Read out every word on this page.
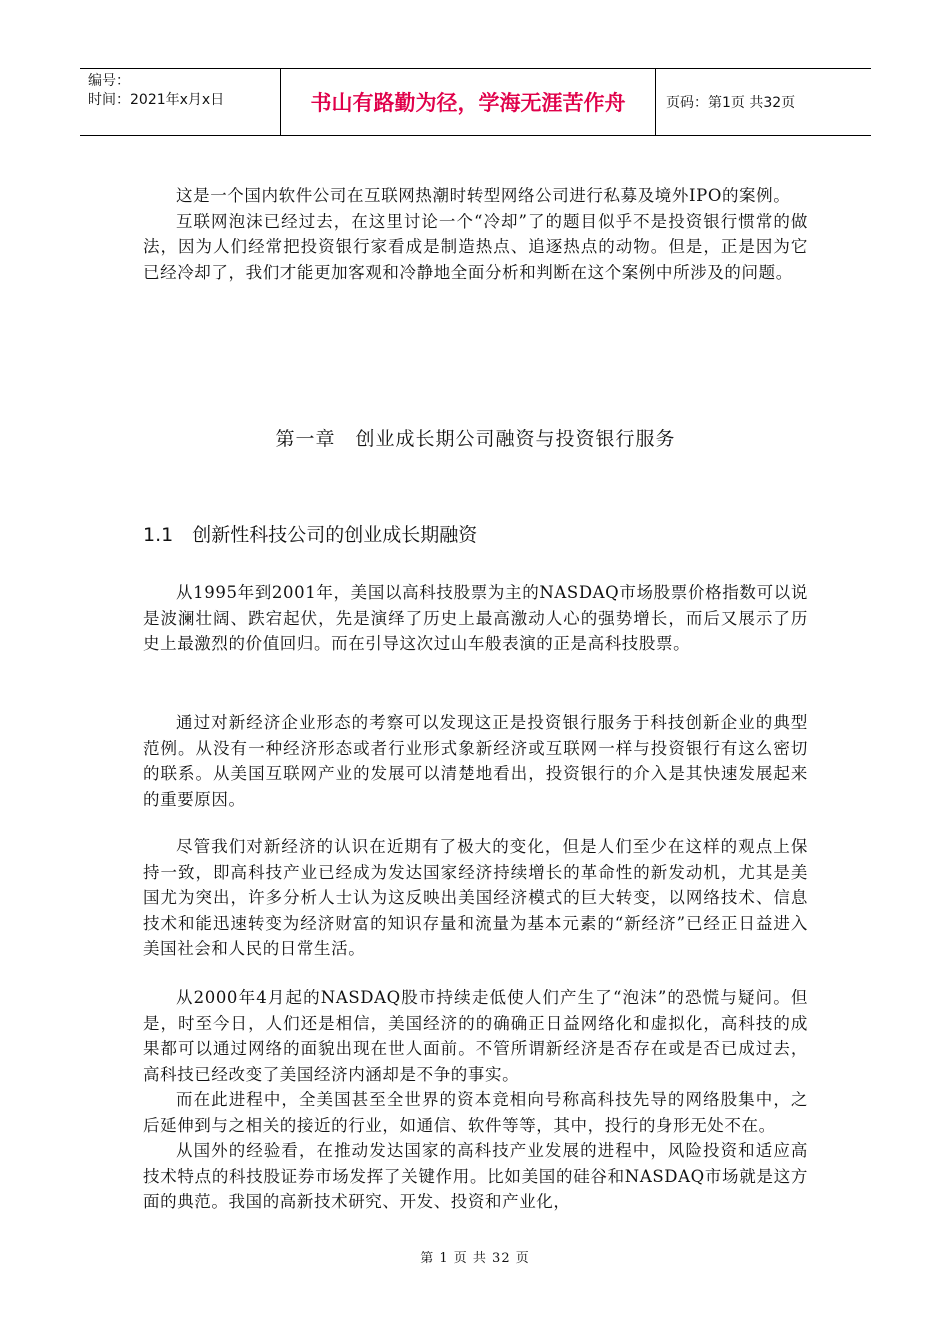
编号：
时间：2021年x月x日	书山有路勤为径，学海无涯苦作舟	页码：第1页 共32页

这是一个国内软件公司在互联网热潮时转型网络公司进行私募及境外IPO的案例。

互联网泡沫已经过去，在这里讨论一个“冷却”了的题目似乎不是投资银行惯常的做法，因为人们经常把投资银行家看成是制造热点、追逐热点的动物。但是，正是因为它已经冷却了，我们才能更加客观和冷静地全面分析和判断在这个案例中所涉及的问题。

第一章　创业成长期公司融资与投资银行服务
1.1　创新性科技公司的创业成长期融资

从1995年到2001年，美国以高科技股票为主的NASDAQ市场股票价格指数可以说是波澜壮阔、跌宕起伏，先是演绎了历史上最高激动人心的强势增长，而后又展示了历史上最激烈的价值回归。而在引导这次过山车般表演的正是高科技股票。

通过对新经济企业形态的考察可以发现这正是投资银行服务于科技创新企业的典型范例。从没有一种经济形态或者行业形式象新经济或互联网一样与投资银行有这么密切的联系。从美国互联网产业的发展可以清楚地看出，投资银行的介入是其快速发展起来的重要原因。

尽管我们对新经济的认识在近期有了极大的变化，但是人们至少在这样的观点上保持一致，即高科技产业已经成为发达国家经济持续增长的革命性的新发动机，尤其是美国尤为突出，许多分析人士认为这反映出美国经济模式的巨大转变，以网络技术、信息技术和能迅速转变为经济财富的知识存量和流量为基本元素的“新经济”已经正日益进入美国社会和人民的日常生活。

从2000年4月起的NASDAQ股市持续走低使人们产生了“泡沫”的恐慌与疑问。但是，时至今日，人们还是相信，美国经济的的确确正日益网络化和虚拟化，高科技的成果都可以通过网络的面貌出现在世人面前。不管所谓新经济是否存在或是否已成过去，高科技已经改变了美国经济内涵却是不争的事实。

而在此进程中，全美国甚至全世界的资本竞相向号称高科技先导的网络股集中，之后延伸到与之相关的接近的行业，如通信、软件等等，其中，投行的身形无处不在。

从国外的经验看，在推动发达国家的高科技产业发展的进程中，风险投资和适应高技术特点的科技股证券市场发挥了关键作用。比如美国的硅谷和NASDAQ市场就是这方面的典范。我国的高新技术研究、开发、投资和产业化，

第 1 页 共 32 页
